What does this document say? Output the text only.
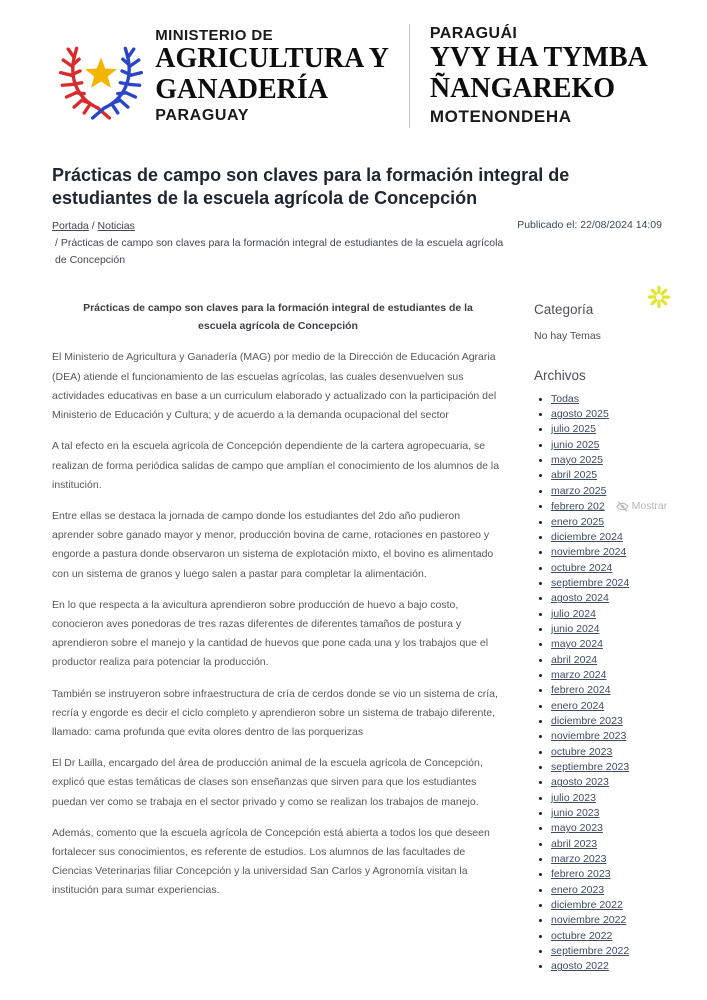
MINISTERIO DE
AGRICULTURA Y
GANADERÍA
PARAGUAY
PARAGUÁI
YVY HA TYMBA
ÑANGAREKO
MOTENONDEHA
Prácticas de campo son claves para la formación integral de estudiantes de la escuela agrícola de Concepción
Portada / Noticias/ Prácticas de campo son claves para la formación integral de estudiantes de la escuela agrícola de Concepción
Publicado el: 22/08/2024 14:09
Prácticas de campo son claves para la formación integral de estudiantes de la escuela agrícola de Concepción

El Ministerio de Agricultura y Ganadería (MAG) por medio de la Dirección de Educación Agraria (DEA) atiende el funcionamiento de las escuelas agrícolas, las cuales desenvuelven sus actividades educativas en base a un curriculum elaborado y actualizado con la participación del Ministerio de Educación y Cultura; y de acuerdo a la demanda ocupacional del sector

A tal efecto en la escuela agrícola de Concepción dependiente de la cartera agropecuaria, se realizan de forma periódica salidas de campo que amplían el conocimiento de los alumnos de la institución.

Entre ellas se destaca la jornada de campo donde los estudiantes del 2do año pudieron aprender sobre ganado mayor y menor, producción bovina de carne, rotaciones en pastoreo y engorde a pastura donde observaron un sistema de explotación mixto, el bovino es alimentado con un sistema de granos y luego salen a pastar para completar la alimentación.

En lo que respecta a la avicultura aprendieron sobre producción de huevo a bajo costo, conocieron aves ponedoras de tres razas diferentes de diferentes tamaños de postura y aprendieron sobre el manejo y la cantidad de huevos que pone cada una y los trabajos que el productor realiza para potenciar la producción.

También se instruyeron sobre infraestructura de cría de cerdos donde se vio un sistema de cría, recría y engorde es decir el ciclo completo y aprendieron sobre un sistema de trabajo diferente, llamado: cama profunda que evita olores dentro de las porquerizas

El Dr Lailla, encargado del área de producción animal de la escuela agrícola de Concepción, explicó que estas temáticas de clases son enseñanzas que sirven para que los estudiantes puedan ver como se trabaja en el sector privado y como se realizan los trabajos de manejo.

Además, comento que la escuela agrícola de Concepción está abierta a todos los que deseen fortalecer sus conocimientos, es referente de estudios. Los alumnos de las facultades de Ciencias Veterinarias filiar Concepción y la universidad San Carlos y Agronomía visitan la institución para sumar experiencias.

Categoría

No hay Temas

Archivos
• Todas
• agosto 2025
• julio 2025
• junio 2025
• mayo 2025
• abril 2025
• marzo 2025
• febrero 202	Mostrar
• enero 2025
• diciembre 2024
• noviembre 2024
• octubre 2024
• septiembre 2024
• agosto 2024
• julio 2024
• junio 2024
• mayo 2024
• abril 2024
• marzo 2024
• febrero 2024
• enero 2024
• diciembre 2023
• noviembre 2023
• octubre 2023
• septiembre 2023
• agosto 2023
• julio 2023
• junio 2023
• mayo 2023
• abril 2023
• marzo 2023
• febrero 2023
• enero 2023
• diciembre 2022
• noviembre 2022
• octubre 2022
• septiembre 2022
• agosto 2022
